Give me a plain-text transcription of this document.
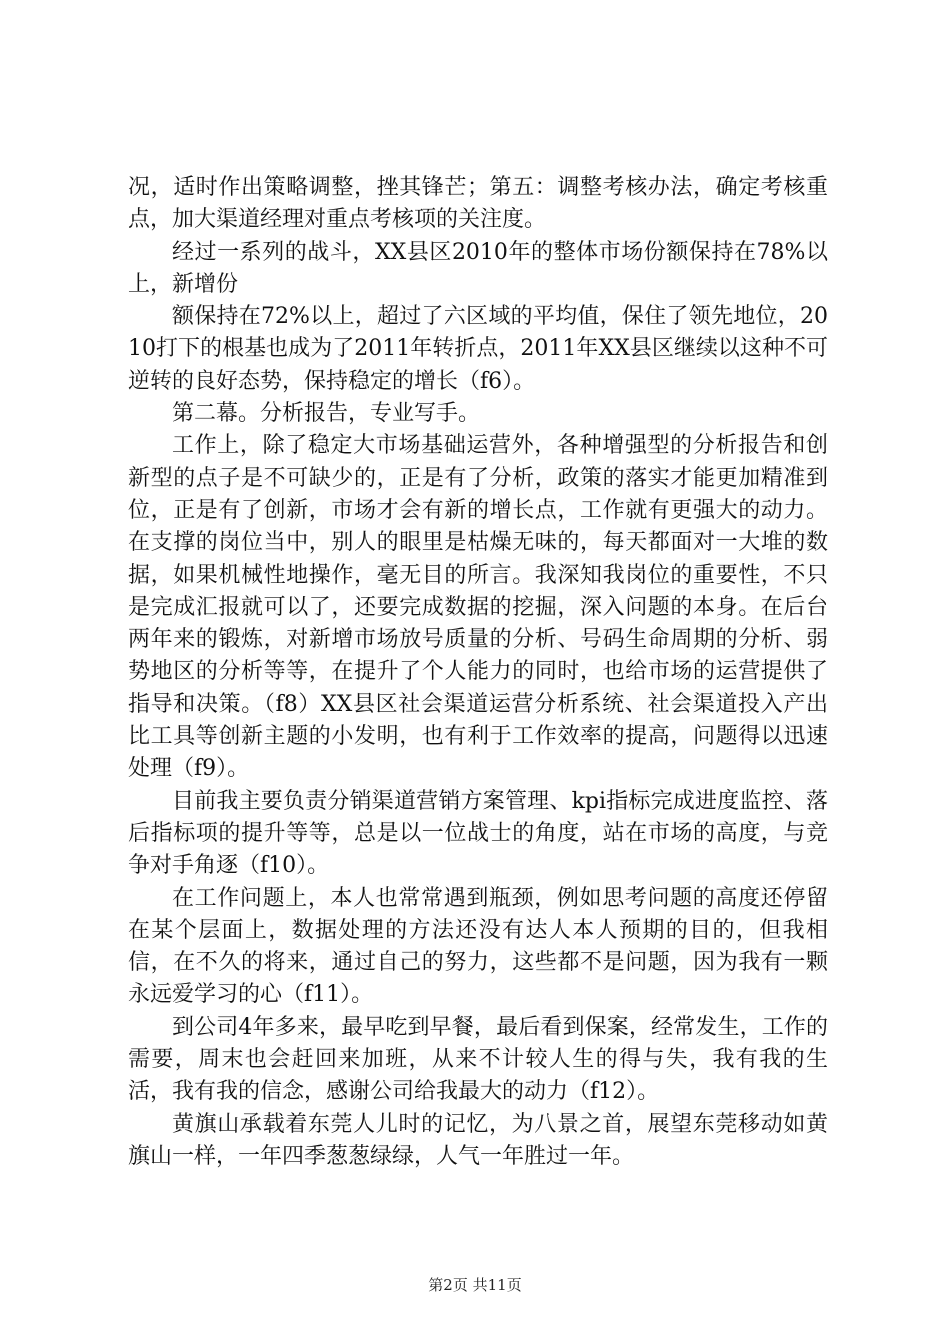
况，适时作出策略调整，挫其锋芒；第五：调整考核办法，确定考核重点，加大渠道经理对重点考核项的关注度。

经过一系列的战斗，XX县区2010年的整体市场份额保持在78%以上，新增份

额保持在72%以上，超过了六区域的平均值，保住了领先地位，2010打下的根基也成为了2011年转折点，2011年XX县区继续以这种不可逆转的良好态势，保持稳定的增长（f6）。

第二幕。分析报告，专业写手。

工作上，除了稳定大市场基础运营外，各种增强型的分析报告和创新型的点子是不可缺少的，正是有了分析，政策的落实才能更加精准到位，正是有了创新，市场才会有新的增长点，工作就有更强大的动力。在支撑的岗位当中，别人的眼里是枯燥无味的，每天都面对一大堆的数据，如果机械性地操作，毫无目的所言。我深知我岗位的重要性，不只是完成汇报就可以了，还要完成数据的挖掘，深入问题的本身。在后台两年来的锻炼，对新增市场放号质量的分析、号码生命周期的分析、弱势地区的分析等等，在提升了个人能力的同时，也给市场的运营提供了指导和决策。（f8）XX县区社会渠道运营分析系统、社会渠道投入产出比工具等创新主题的小发明，也有利于工作效率的提高，问题得以迅速处理（f9）。

目前我主要负责分销渠道营销方案管理、kpi指标完成进度监控、落后指标项的提升等等，总是以一位战士的角度，站在市场的高度，与竞争对手角逐（f10）。

在工作问题上，本人也常常遇到瓶颈，例如思考问题的高度还停留在某个层面上，数据处理的方法还没有达人本人预期的目的，但我相信，在不久的将来，通过自己的努力，这些都不是问题，因为我有一颗永远爱学习的心（f11）。

到公司4年多来，最早吃到早餐，最后看到保案，经常发生，工作的需要，周末也会赶回来加班，从来不计较人生的得与失，我有我的生活，我有我的信念，感谢公司给我最大的动力（f12）。

黄旗山承载着东莞人儿时的记忆，为八景之首，展望东莞移动如黄旗山一样，一年四季葱葱绿绿，人气一年胜过一年。

第2页 共11页
